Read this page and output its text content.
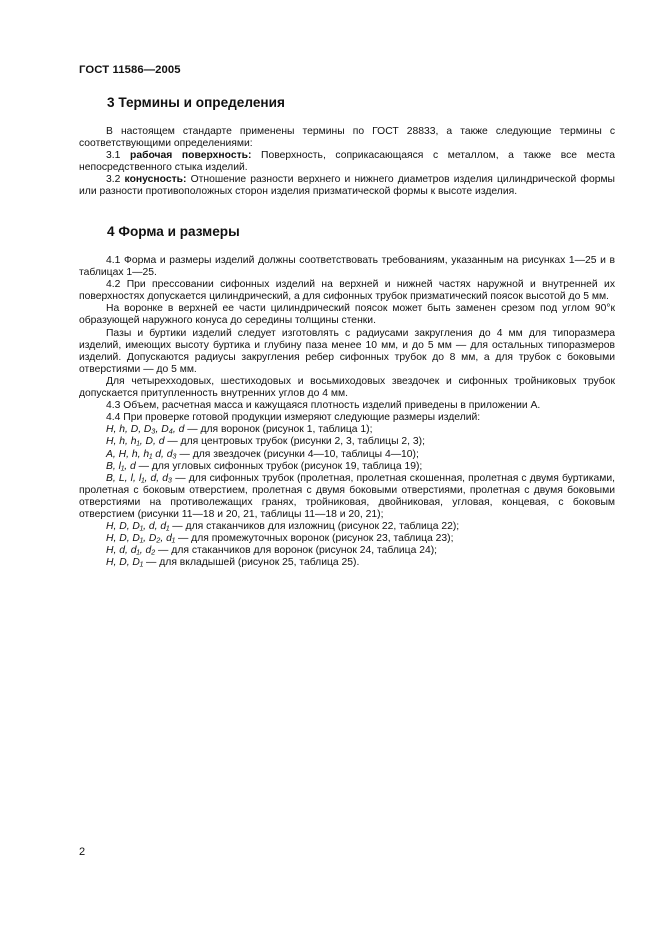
ГОСТ 11586—2005
3 Термины и определения

В настоящем стандарте применены термины по ГОСТ 28833, а также следующие термины с соответствующими определениями:

3.1 рабочая поверхность: Поверхность, соприкасающаяся с металлом, а также все места непосредственного стыка изделий.

3.2 конусность: Отношение разности верхнего и нижнего диаметров изделия цилиндрической формы или разности противоположных сторон изделия призматической формы к высоте изделия.

4 Форма и размеры

4.1 Форма и размеры изделий должны соответствовать требованиям, указанным на рисунках 1—25 и в таблицах 1—25.

4.2 При прессовании сифонных изделий на верхней и нижней частях наружной и внутренней их поверхностях допускается цилиндрический, а для сифонных трубок призматический поясок высотой до 5 мм.

На воронке в верхней ее части цилиндрический поясок может быть заменен срезом под углом 90°к образующей наружного конуса до середины толщины стенки.

Пазы и буртики изделий следует изготовлять с радиусами закругления до 4 мм для типоразмера изделий, имеющих высоту буртика и глубину паза менее 10 мм, и до 5 мм — для остальных типоразмеров изделий. Допускаются радиусы закругления ребер сифонных трубок до 8 мм, а для трубок с боковыми отверстиями — до 5 мм.

Для четырехходовых, шестиходовых и восьмиходовых звездочек и сифонных тройниковых трубок допускается притупленность внутренних углов до 4 мм.

4.3 Объем, расчетная масса и кажущаяся плотность изделий приведены в приложении А.

4.4 При проверке готовой продукции измеряют следующие размеры изделий:

H, h, D, D₃, D₄, d — для воронок (рисунок 1, таблица 1);

H, h, h₁, D, d — для центровых трубок (рисунки 2, 3, таблицы 2, 3);

A, H, h, h₁ d, d₃ — для звездочек (рисунки 4—10, таблицы 4—10);

B, l₁, d — для угловых сифонных трубок (рисунок 19, таблица 19);

B, L, l, l₁, d, d₃ — для сифонных трубок (пролетная, пролетная скошенная, пролетная с двумя буртиками, пролетная с боковым отверстием, пролетная с двумя боковыми отверстиями, пролетная с двумя боковыми отверстиями на противолежащих гранях, тройниковая, двойниковая, угловая, концевая, с боковым отверстием (рисунки 11—18 и 20, 21, таблицы 11—18 и 20, 21);

H, D, D₁, d, d₁ — для стаканчиков для изложниц (рисунок 22, таблица 22);

H, D, D₁, D₂, d₁ — для промежуточных воронок (рисунок 23, таблица 23);

H, d, d₁, d₂ — для стаканчиков для воронок (рисунок 24, таблица 24);

H, D, D₁ — для вкладышей (рисунок 25, таблица 25).

2
